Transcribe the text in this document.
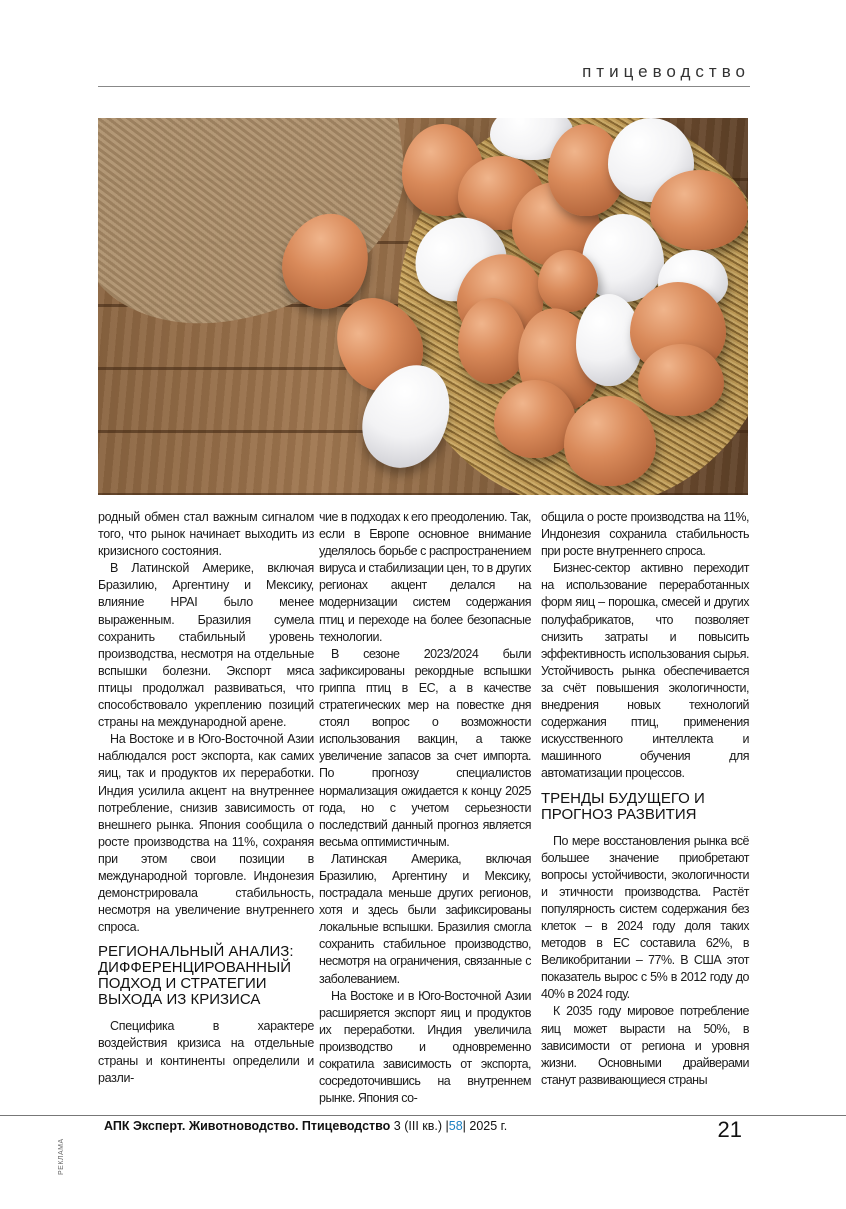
птицеводство

родный обмен стал важным сигналом того, что рынок начинает выходить из кризисного состояния.

В Латинской Америке, включая Бразилию, Аргентину и Мексику, влияние HPAI было менее выраженным. Бразилия сумела сохранить стабильный уровень производства, несмотря на отдельные вспышки болезни. Экспорт мяса птицы продолжал развиваться, что способствовало укреплению позиций страны на международной арене.

На Востоке и в Юго-Восточной Азии наблюдался рост экспорта, как самих яиц, так и продуктов их переработки. Индия усилила акцент на внутреннее потребление, снизив зависимость от внешнего рынка. Япония сообщила о росте производства на 11%, сохраняя при этом свои позиции в международной торговле. Индонезия демонстрировала стабильность, несмотря на увеличение внутреннего спроса.

РЕГИОНАЛЬНЫЙ АНАЛИЗ: ДИФФЕРЕНЦИРОВАННЫЙ ПОДХОД И СТРАТЕГИИ ВЫХОДА ИЗ КРИЗИСА

Специфика в характере воздействия кризиса на отдельные страны и континенты определили и разли-

чие в подходах к его преодолению. Так, если в Европе основное внимание уделялось борьбе с распространением вируса и стабилизации цен, то в других регионах акцент делался на модернизации систем содержания птиц и переходе на более безопасные технологии.

В сезоне 2023/2024 были зафиксированы рекордные вспышки гриппа птиц в ЕС, а в качестве стратегических мер на повестке дня стоял вопрос о возможности использования вакцин, а также увеличение запасов за счет импорта. По прогнозу специалистов нормализация ожидается к концу 2025 года, но с учетом серьезности последствий данный прогноз является весьма оптимистичным.

Латинская Америка, включая Бразилию, Аргентину и Мексику, пострадала меньше других регионов, хотя и здесь были зафиксированы локальные вспышки. Бразилия смогла сохранить стабильное производство, несмотря на ограничения, связанные с заболеванием.

На Востоке и в Юго-Восточной Азии расширяется экспорт яиц и продуктов их переработки. Индия увеличила производство и одновременно сократила зависимость от экспорта, сосредоточившись на внутреннем рынке. Япония со-

общила о росте производства на 11%, Индонезия сохранила стабильность при росте внутреннего спроса.

Бизнес-сектор активно переходит на использование переработанных форм яиц – порошка, смесей и других полуфабрикатов, что позволяет снизить затраты и повысить эффективность использования сырья. Устойчивость рынка обеспечивается за счёт повышения экологичности, внедрения новых технологий содержания птиц, применения искусственного интеллекта и машинного обучения для автоматизации процессов.

ТРЕНДЫ БУДУЩЕГО И ПРОГНОЗ РАЗВИТИЯ

По мере восстановления рынка всё большее значение приобретают вопросы устойчивости, экологичности и этичности производства. Растёт популярность систем содержания без клеток – в 2024 году доля таких методов в ЕС составила 62%, в Великобритании – 77%. В США этот показатель вырос с 5% в 2012 году до 40% в 2024 году.

К 2035 году мировое потребление яиц может вырасти на 50%, в зависимости от региона и уровня жизни. Основными драйверами станут развивающиеся страны

АПК Эксперт. Животноводство. Птицеводство 3 (III кв.) |58| 2025 г.	21
РЕКЛАМА
